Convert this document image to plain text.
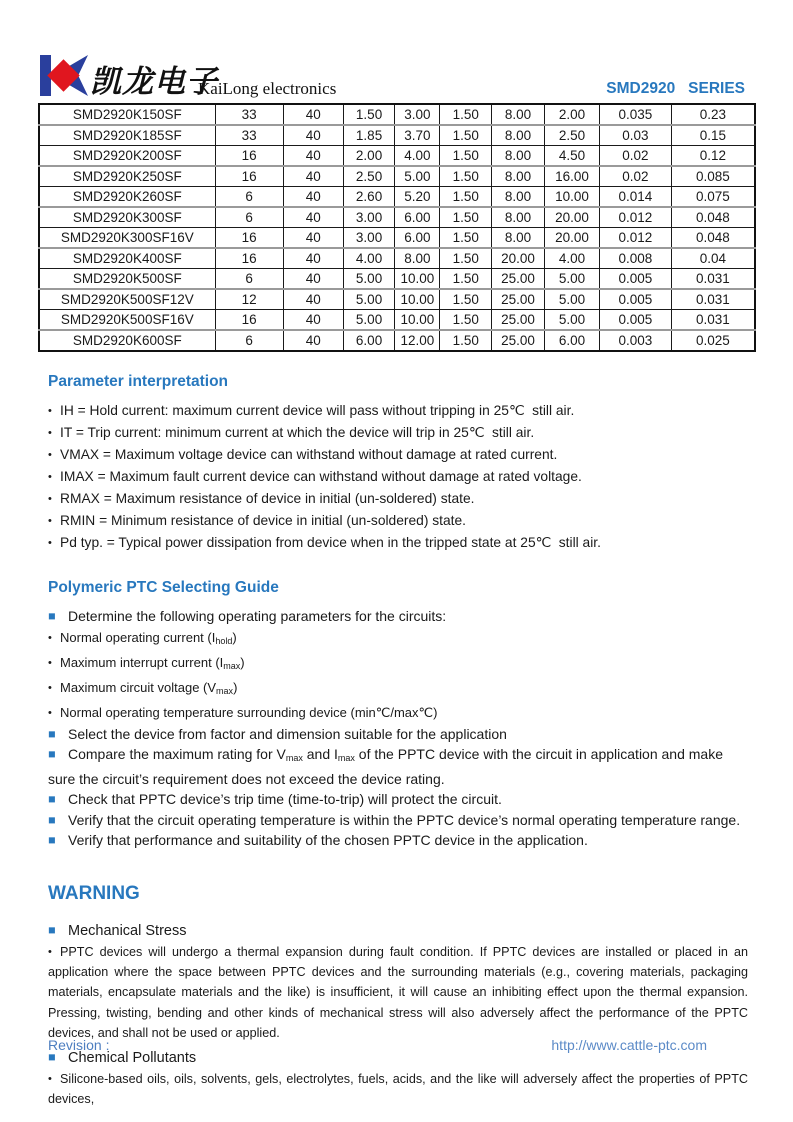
凯龙电子
KaiLong electronics	SMD2920   SERIES
SMD2920K150SF	33	40	1.50	3.00	1.50	8.00	2.00	0.035	0.23
SMD2920K185SF	33	40	1.85	3.70	1.50	8.00	2.50	0.03	0.15
SMD2920K200SF	16	40	2.00	4.00	1.50	8.00	4.50	0.02	0.12
SMD2920K250SF	16	40	2.50	5.00	1.50	8.00	16.00	0.02	0.085
SMD2920K260SF	6	40	2.60	5.20	1.50	8.00	10.00	0.014	0.075
SMD2920K300SF	6	40	3.00	6.00	1.50	8.00	20.00	0.012	0.048
SMD2920K300SF16V	16	40	3.00	6.00	1.50	8.00	20.00	0.012	0.048
SMD2920K400SF	16	40	4.00	8.00	1.50	20.00	4.00	0.008	0.04
SMD2920K500SF	6	40	5.00	10.00	1.50	25.00	5.00	0.005	0.031
SMD2920K500SF12V	12	40	5.00	10.00	1.50	25.00	5.00	0.005	0.031
SMD2920K500SF16V	16	40	5.00	10.00	1.50	25.00	5.00	0.005	0.031
SMD2920K600SF	6	40	6.00	12.00	1.50	25.00	6.00	0.003	0.025
Parameter interpretation
• IH = Hold current: maximum current device will pass without tripping in 25℃  still air.
• IT = Trip current: minimum current at which the device will trip in 25℃  still air.
• VMAX = Maximum voltage device can withstand without damage at rated current.
• IMAX = Maximum fault current device can withstand without damage at rated voltage.
• RMAX = Maximum resistance of device in initial (un-soldered) state.
• RMIN = Minimum resistance of device in initial (un-soldered) state.
• Pd typ. = Typical power dissipation from device when in the tripped state at 25℃  still air.
Polymeric PTC Selecting Guide
■ Determine the following operating parameters for the circuits:
• Normal operating current $(I_{hold})$
• Maximum interrupt current $(I_{max})$
• Maximum circuit voltage $(V_{max})$
• Normal operating temperature surrounding device (min℃/max℃)
■ Select the device from factor and dimension suitable for the application
■ Compare the maximum rating for $V_{max}$ and $I_{max}$ of the PPTC device with the circuit in application and make sure the circuit’s requirement does not exceed the device rating.
■ Check that PPTC device’s trip time (time-to-trip) will protect the circuit.
■ Verify that the circuit operating temperature is within the PPTC device’s normal operating temperature range.
■ Verify that performance and suitability of the chosen PPTC device in the application.
WARNING
■ Mechanical Stress
• PPTC devices will undergo a thermal expansion during fault condition. If PPTC devices are installed or placed in an application where the space between PPTC devices and the surrounding materials (e.g., covering materials, packaging materials, encapsulate materials and the like) is insufficient, it will cause an inhibiting effect upon the thermal expansion. Pressing, twisting, bending and other kinds of mechanical stress will also adversely affect the performance of the PPTC devices, and shall not be used or applied.
■ Chemical Pollutants
• Silicone-based oils, oils, solvents, gels, electrolytes, fuels, acids, and the like will adversely affect the properties of PPTC devices,
Revision :	http://www.cattle-ptc.com
